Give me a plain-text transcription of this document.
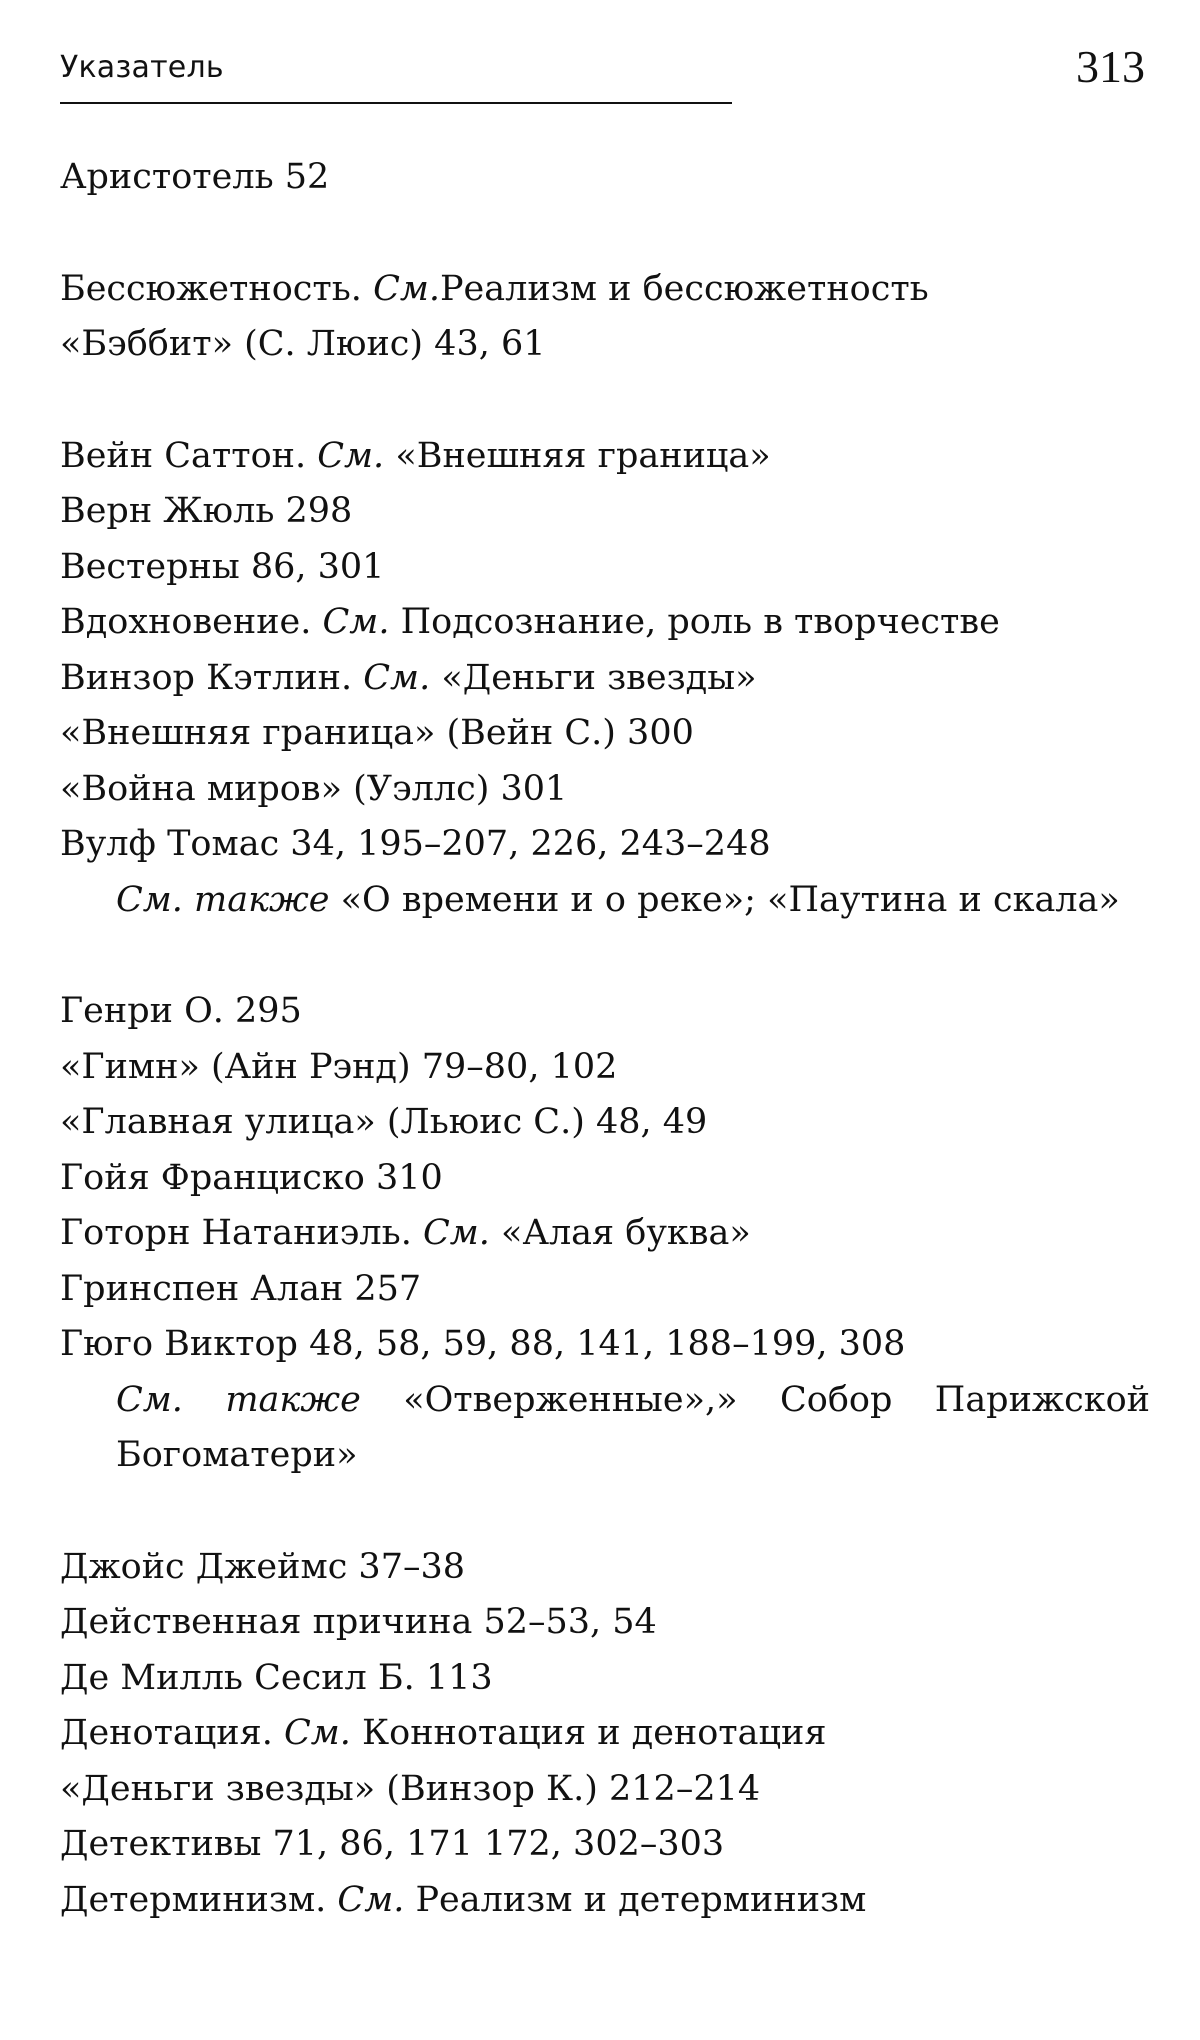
Указатель	313
Аристотель 52
Бессюжетность. См.Реализм и бессюжетность
«Бэббит» (С. Люис) 43, 61
Вейн Саттон. См. «Внешняя граница»
Верн Жюль 298
Вестерны 86, 301
Вдохновение. См. Подсознание, роль в творчестве
Винзор Кэтлин. См. «Деньги звезды»
«Внешняя граница» (Вейн С.) 300
«Война миров» (Уэллс) 301
Вулф Томас 34, 195–207, 226, 243–248
См. также «О времени и о реке»; «Паутина и скала»
Генри О. 295
«Гимн» (Айн Рэнд) 79–80, 102
«Главная улица» (Льюис С.) 48, 49
Гойя Франциско 310
Готорн Натаниэль. См. «Алая буква»
Гринспен Алан 257
Гюго Виктор 48, 58, 59, 88, 141, 188–199, 308
См. также «Отверженные»,» Собор Парижской
Богоматери»
Джойс Джеймс 37–38
Действенная причина 52–53, 54
Де Милль Сесил Б. 113
Денотация. См. Коннотация и денотация
«Деньги звезды» (Винзор К.) 212–214
Детективы 71, 86, 171 172, 302–303
Детерминизм. См. Реализм и детерминизм
